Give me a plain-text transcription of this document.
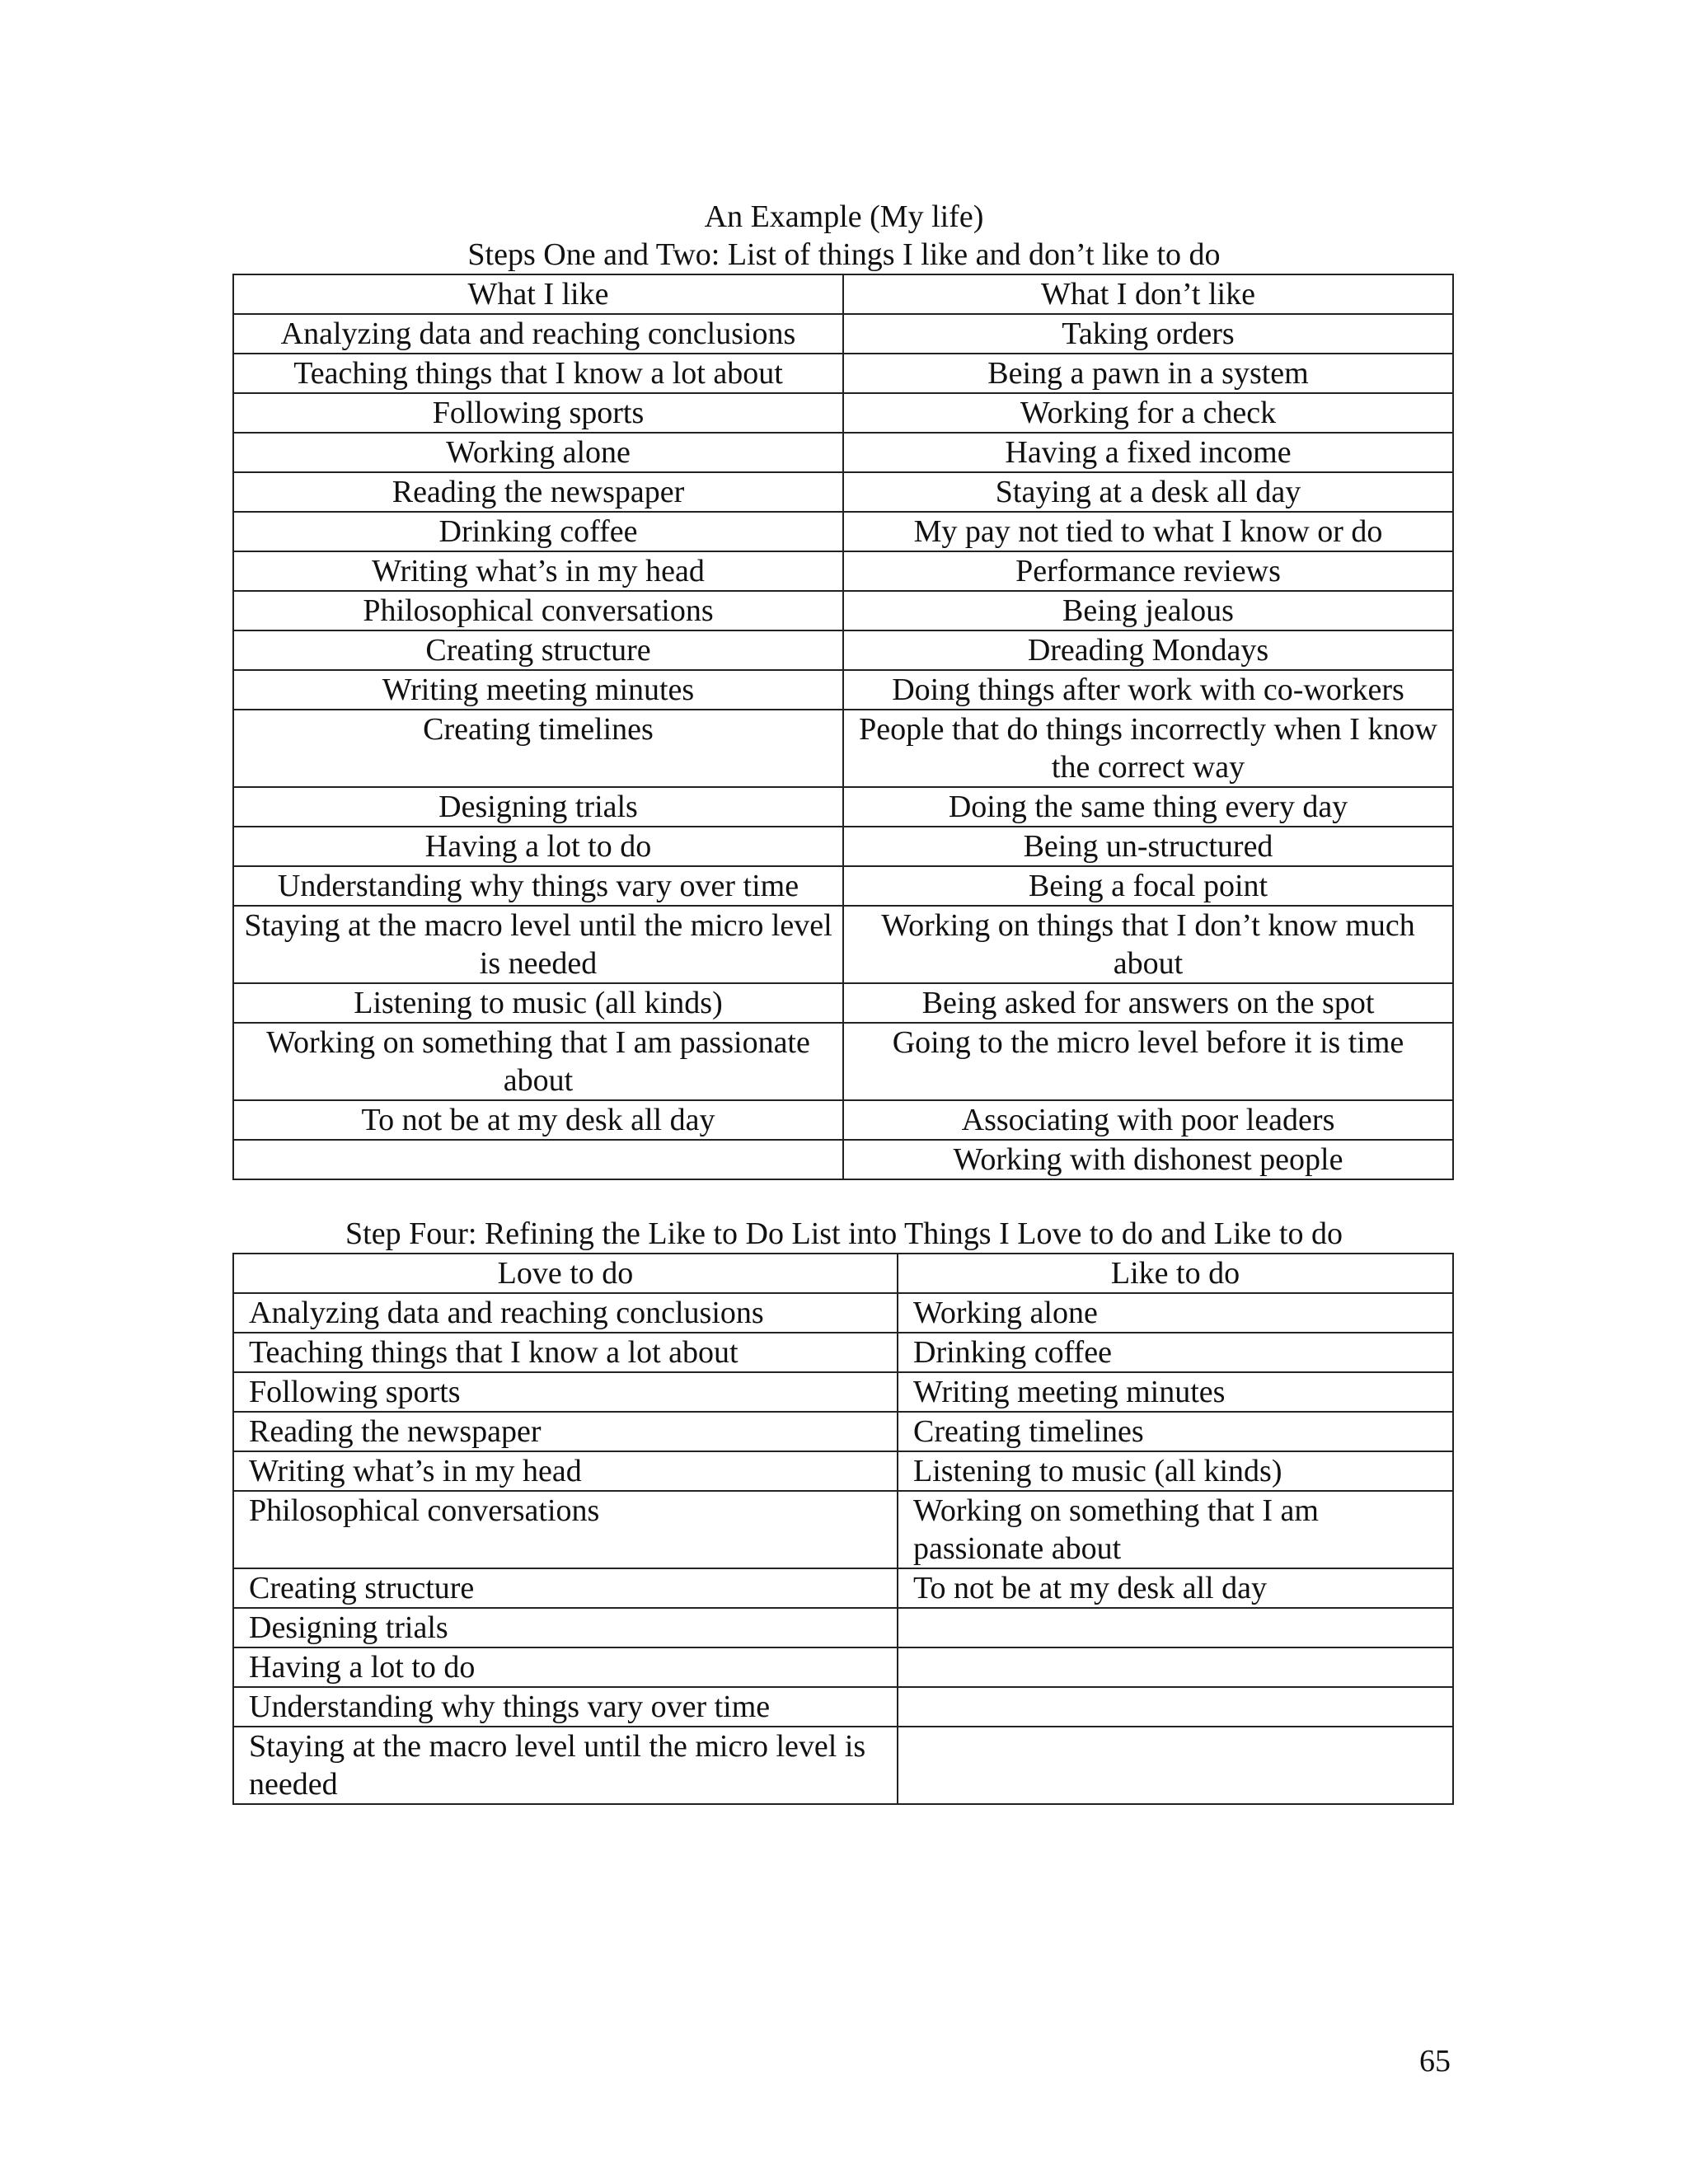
An Example (My life)
Steps One and Two: List of things I like and don’t like to do
What I like	What I don’t like
Analyzing data and reaching conclusions	Taking orders
Teaching things that I know a lot about	Being a pawn in a system
Following sports	Working for a check
Working alone	Having a fixed income
Reading the newspaper	Staying at a desk all day
Drinking coffee	My pay not tied to what I know or do
Writing what’s in my head	Performance reviews
Philosophical conversations	Being jealous
Creating structure	Dreading Mondays
Writing meeting minutes	Doing things after work with co-workers
Creating timelines	People that do things incorrectly when I know the correct way
Designing trials	Doing the same thing every day
Having a lot to do	Being un-structured
Understanding why things vary over time	Being a focal point
Staying at the macro level until the micro level is needed	Working on things that I don’t know much about
Listening to music (all kinds)	Being asked for answers on the spot
Working on something that I am passionate about	Going to the micro level before it is time
To not be at my desk all day	Associating with poor leaders
	Working with dishonest people
Step Four: Refining the Like to Do List into Things I Love to do and Like to do
Love to do	Like to do
Analyzing data and reaching conclusions	Working alone
Teaching things that I know a lot about	Drinking coffee
Following sports	Writing meeting minutes
Reading the newspaper	Creating timelines
Writing what’s in my head	Listening to music (all kinds)
Philosophical conversations	Working on something that I am passionate about
Creating structure	To not be at my desk all day
Designing trials	
Having a lot to do	
Understanding why things vary over time	
Staying at the macro level until the micro level is needed	
65
